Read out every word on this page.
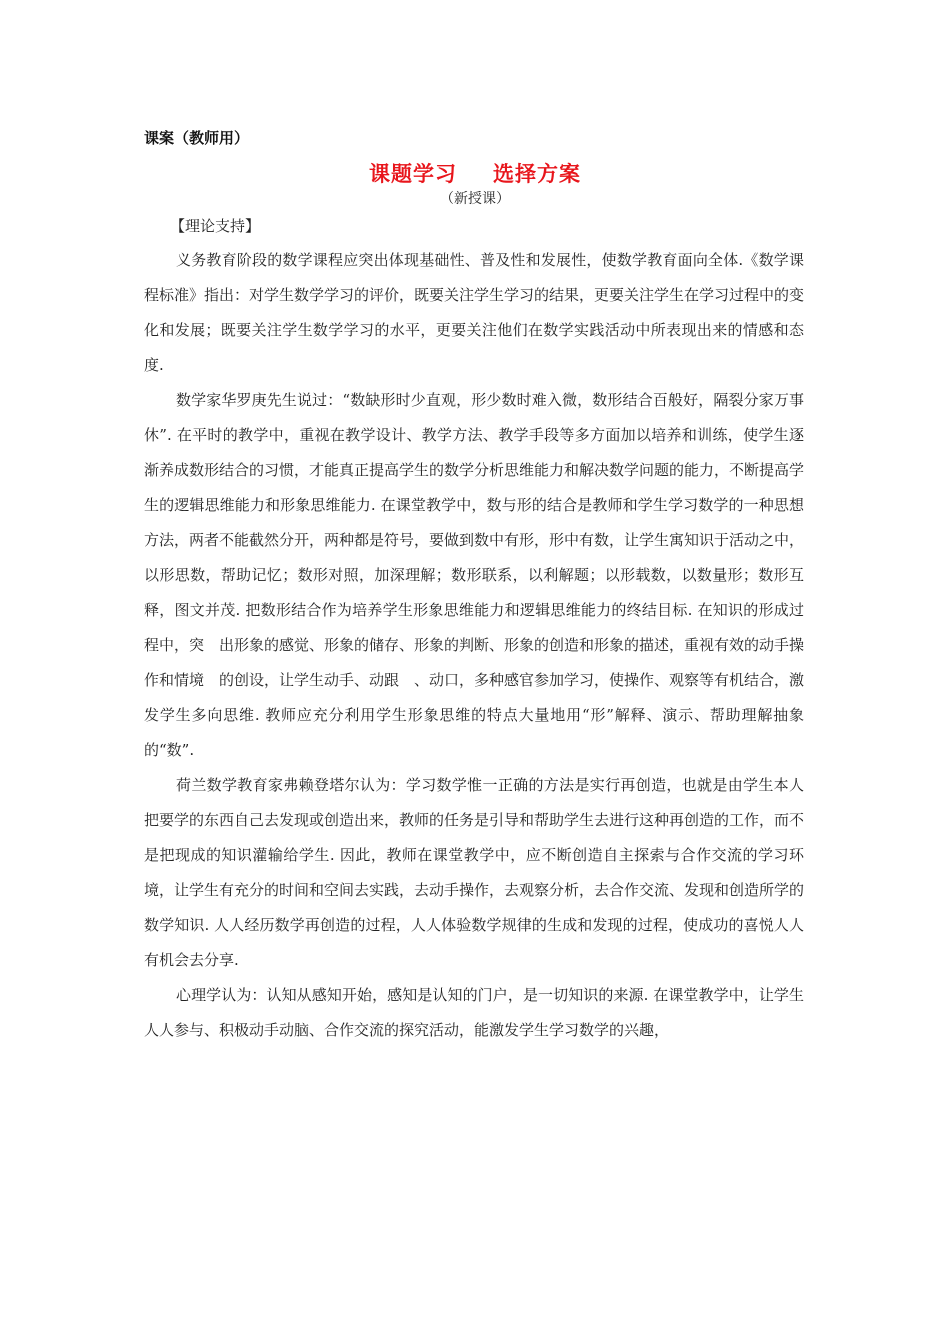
课案（教师用）
课题学习 选择方案
（新授课）
【理论支持】

义务教育阶段的数学课程应突出体现基础性、普及性和发展性，使数学教育面向全体.《数学课程标准》指出：对学生数学学习的评价，既要关注学生学习的结果，更要关注学生在学习过程中的变化和发展；既要关注学生数学学习的水平，更要关注他们在数学实践活动中所表现出来的情感和态度.

数学家华罗庚先生说过：“数缺形时少直观，形少数时难入微，数形结合百般好，隔裂分家万事休”. 在平时的教学中，重视在教学设计、教学方法、教学手段等多方面加以培养和训练，使学生逐渐养成数形结合的习惯，才能真正提高学生的数学分析思维能力和解决数学问题的能力，不断提高学生的逻辑思维能力和形象思维能力. 在课堂教学中，数与形的结合是教师和学生学习数学的一种思想方法，两者不能截然分开，两种都是符号，要做到数中有形，形中有数，让学生寓知识于活动之中，以形思数，帮助记忆；数形对照，加深理解；数形联系，以利解题；以形载数，以数量形；数形互释，图文并茂. 把数形结合作为培养学生形象思维能力和逻辑思维能力的终结目标. 在知识的形成过程中，突　出形象的感觉、形象的储存、形象的判断、形象的创造和形象的描述，重视有效的动手操作和情境　的创设，让学生动手、动跟　、动口，多种感官参加学习，使操作、观察等有机结合，激发学生多向思维. 教师应充分利用学生形象思维的特点大量地用“形”解释、演示、帮助理解抽象的“数”.

荷兰数学教育家弗赖登塔尔认为：学习数学惟一正确的方法是实行再创造，也就是由学生本人把要学的东西自己去发现或创造出来，教师的任务是引导和帮助学生去进行这种再创造的工作，而不是把现成的知识灌输给学生. 因此，教师在课堂教学中，应不断创造自主探索与合作交流的学习环境，让学生有充分的时间和空间去实践，去动手操作，去观察分析，去合作交流、发现和创造所学的数学知识. 人人经历数学再创造的过程，人人体验数学规律的生成和发现的过程，使成功的喜悦人人有机会去分享.

心理学认为：认知从感知开始，感知是认知的门户，是一切知识的来源. 在课堂教学中，让学生人人参与、积极动手动脑、合作交流的探究活动，能激发学生学习数学的兴趣，
